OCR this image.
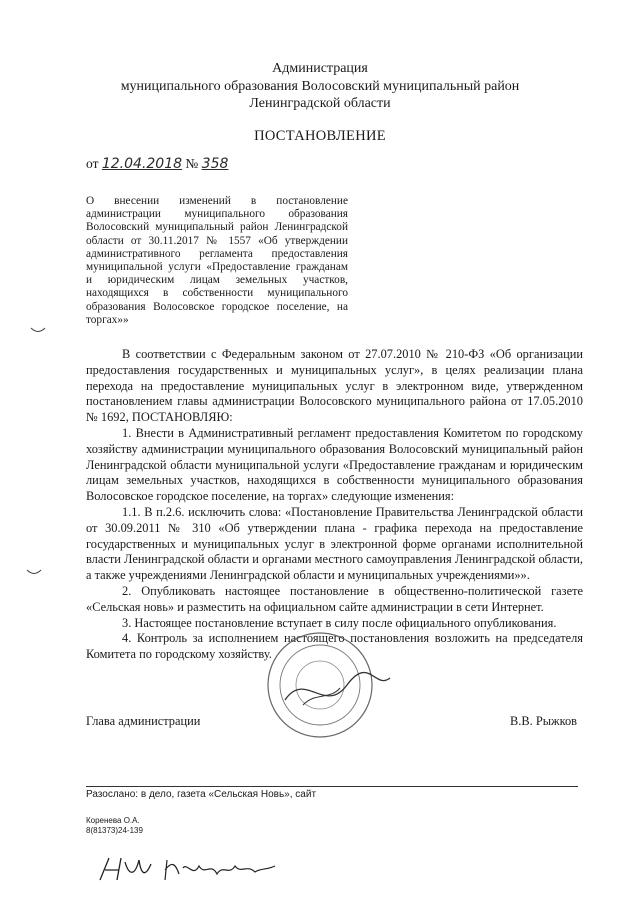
Администрация
муниципального образования Волосовский муниципальный район
Ленинградской области
ПОСТАНОВЛЕНИЕ
от 12.04.2018 № 358
О внесении изменений в постановление администрации муниципального образования Волосовский муниципальный район Ленинградской области от 30.11.2017 № 1557 «Об утверждении административного регламента предоставления муниципальной услуги «Предоставление гражданам и юридическим лицам земельных участков, находящихся в собственности муниципального образования Волосовское городское поселение, на торгах»»

В соответствии с Федеральным законом от 27.07.2010 № 210-ФЗ «Об организации предоставления государственных и муниципальных услуг», в целях реализации плана перехода на предоставление муниципальных услуг в электронном виде, утвержденном постановлением главы администрации Волосовского муниципального района от 17.05.2010 № 1692, ПОСТАНОВЛЯЮ:

1. Внести в Административный регламент предоставления Комитетом по городскому хозяйству администрации муниципального образования Волосовский муниципальный район Ленинградской области муниципальной услуги «Предоставление гражданам и юридическим лицам земельных участков, находящихся в собственности муниципального образования Волосовское городское поселение, на торгах» следующие изменения:

1.1. В п.2.6. исключить слова: «Постановление Правительства Ленинградской области от 30.09.2011 № 310 «Об утверждении плана - графика перехода на предоставление государственных и муниципальных услуг в электронной форме органами исполнительной власти Ленинградской области и органами местного самоуправления Ленинградской области, а также учреждениями Ленинградской области и муниципальных учреждениями»».

2. Опубликовать настоящее постановление в общественно-политической газете «Сельская новь» и разместить на официальном сайте администрации в сети Интернет.

3. Настоящее постановление вступает в силу после официального опубликования.

4. Контроль за исполнением настоящего постановления возложить на председателя Комитета по городскому хозяйству.

Глава администрации	В.В. Рыжков
Разослано: в дело, газета «Сельская Новь», сайт
Коренева О.А.
8(81373)24-139
